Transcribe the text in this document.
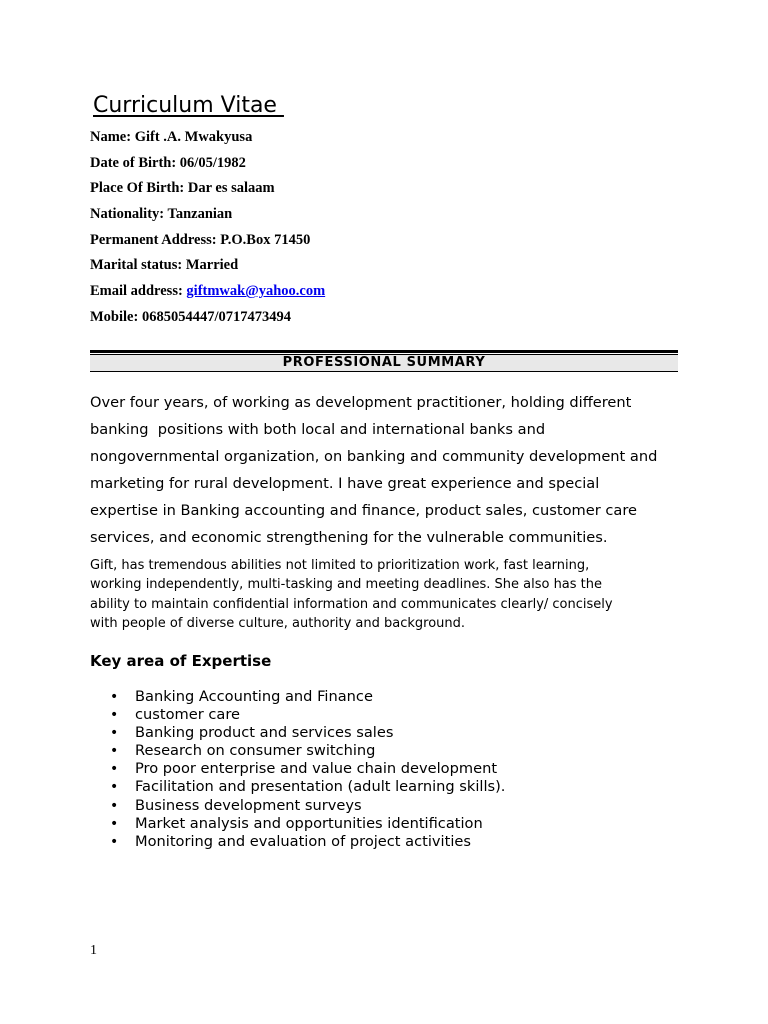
Curriculum Vitae
Name: Gift .A. Mwakyusa
Date of Birth: 06/05/1982
Place Of Birth: Dar es salaam
Nationality: Tanzanian
Permanent Address: P.O.Box 71450
Marital status: Married
Email address: giftmwak@yahoo.com
Mobile: 0685054447/0717473494
PROFESSIONAL SUMMARY
Over four years, of working as development practitioner, holding different
banking  positions with both local and international banks and
nongovernmental organization, on banking and community development and
marketing for rural development. I have great experience and special
expertise in Banking accounting and finance, product sales, customer care
services, and economic strengthening for the vulnerable communities.
Gift, has tremendous abilities not limited to prioritization work, fast learning,
working independently, multi-tasking and meeting deadlines. She also has the
ability to maintain confidential information and communicates clearly/ concisely
with people of diverse culture, authority and background.
Key area of Expertise
• Banking Accounting and Finance
• customer care
• Banking product and services sales
• Research on consumer switching
• Pro poor enterprise and value chain development
• Facilitation and presentation (adult learning skills).
• Business development surveys
• Market analysis and opportunities identification
• Monitoring and evaluation of project activities
1
